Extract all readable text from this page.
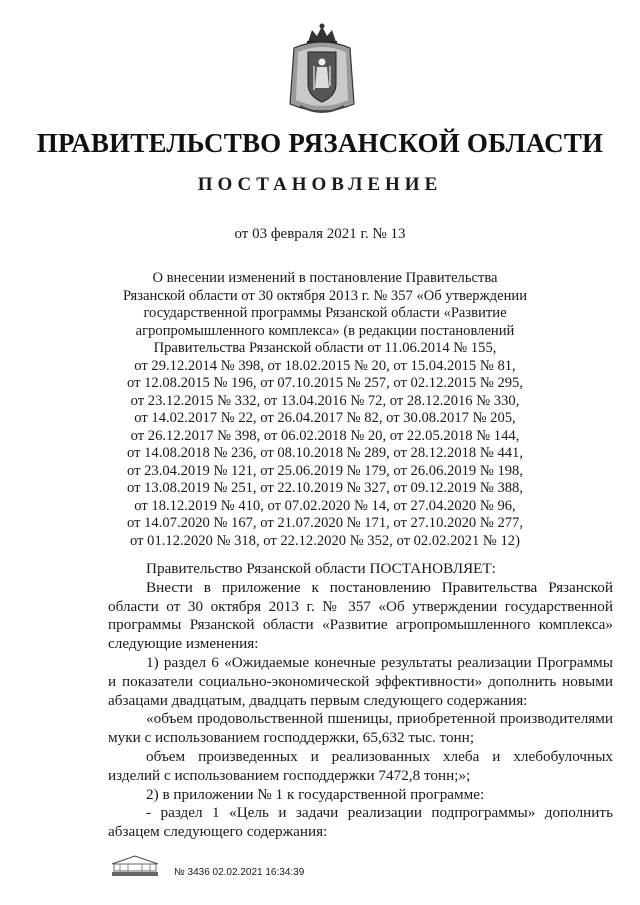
ПРАВИТЕЛЬСТВО РЯЗАНСКОЙ ОБЛАСТИ
ПОСТАНОВЛЕНИЕ
от 03 февраля 2021 г. № 13
О внесении изменений в постановление Правительства
Рязанской области от 30 октября 2013 г. № 357 «Об утверждении
государственной программы Рязанской области «Развитие
агропромышленного комплекса» (в редакции постановлений
Правительства Рязанской области от 11.06.2014 № 155,
от 29.12.2014 № 398, от 18.02.2015 № 20, от 15.04.2015 № 81,
от 12.08.2015 № 196, от 07.10.2015 № 257, от 02.12.2015 № 295,
от 23.12.2015 № 332, от 13.04.2016 № 72, от 28.12.2016 № 330,
от 14.02.2017 № 22, от 26.04.2017 № 82, от 30.08.2017 № 205,
от 26.12.2017 № 398, от 06.02.2018 № 20, от 22.05.2018 № 144,
от 14.08.2018 № 236, от 08.10.2018 № 289, от 28.12.2018 № 441,
от 23.04.2019 № 121, от 25.06.2019 № 179, от 26.06.2019 № 198,
от 13.08.2019 № 251, от 22.10.2019 № 327, от 09.12.2019 № 388,
от 18.12.2019 № 410, от 07.02.2020 № 14, от 27.04.2020 № 96,
от 14.07.2020 № 167, от 21.07.2020 № 171, от 27.10.2020 № 277,
от 01.12.2020 № 318, от 22.12.2020 № 352, от 02.02.2021 № 12)

Правительство Рязанской области ПОСТАНОВЛЯЕТ:

Внести в приложение к постановлению Правительства Рязанской области от 30 октября 2013 г. № 357 «Об утверждении государственной программы Рязанской области «Развитие агропромышленного комплекса» следующие изменения:

1) раздел 6 «Ожидаемые конечные результаты реализации Программы и показатели социально-экономической эффективности» дополнить новыми абзацами двадцатым, двадцать первым следующего содержания:

«объем продовольственной пшеницы, приобретенной производителями муки с использованием господдержки, 65,632 тыс. тонн;

объем произведенных и реализованных хлеба и хлебобулочных изделий с использованием господдержки 7472,8 тонн;»;

2) в приложении № 1 к государственной программе:

- раздел 1 «Цель и задачи реализации подпрограммы» дополнить абзацем следующего содержания:

№ 3436 02.02.2021 16:34:39
